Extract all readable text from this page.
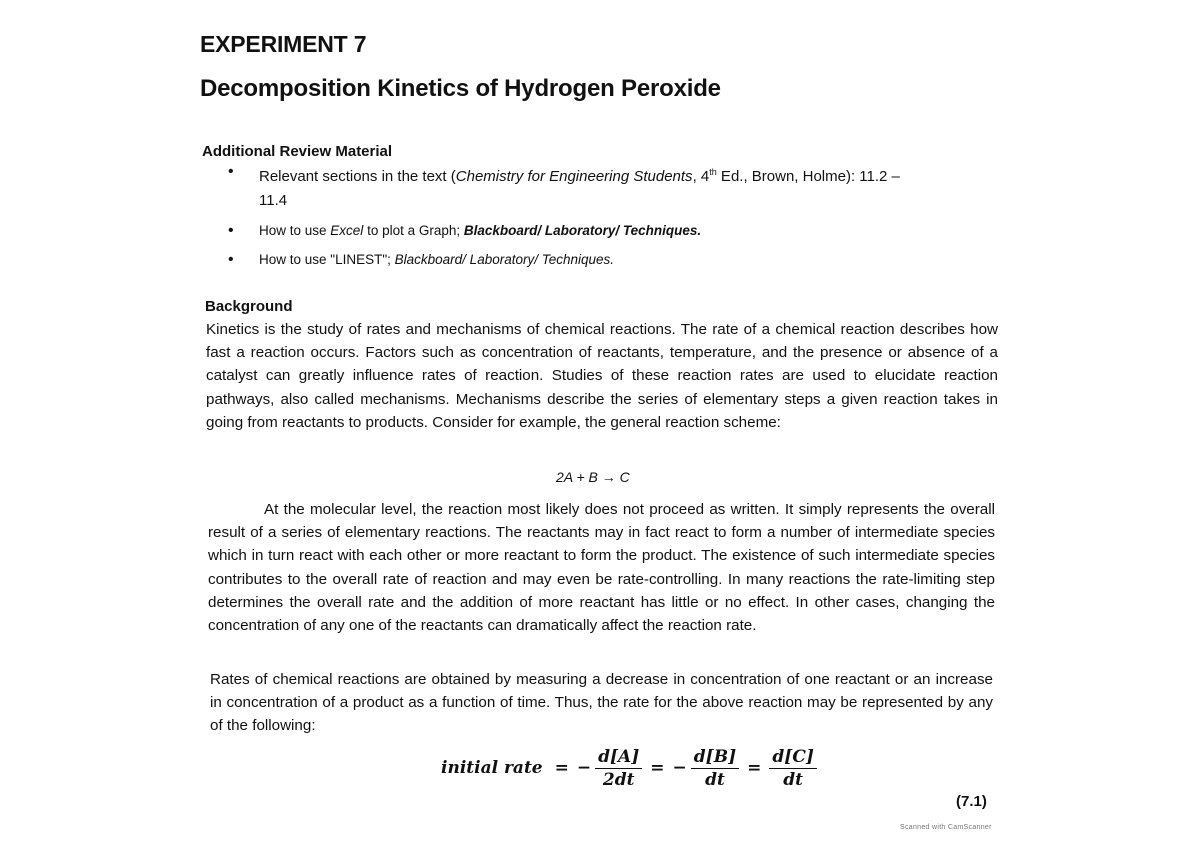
EXPERIMENT 7
Decomposition Kinetics of Hydrogen Peroxide
Additional Review Material
• Relevant sections in the text (Chemistry for Engineering Students, 4th Ed., Brown, Holme): 11.2 –
11.4
• How to use Excel to plot a Graph; Blackboard/ Laboratory/ Techniques.
• How to use "LINEST"; Blackboard/ Laboratory/ Techniques.
Background

Kinetics is the study of rates and mechanisms of chemical reactions. The rate of a chemical reaction describes how fast a reaction occurs. Factors such as concentration of reactants, temperature, and the presence or absence of a catalyst can greatly influence rates of reaction. Studies of these reaction rates are used to elucidate reaction pathways, also called mechanisms. Mechanisms describe the series of elementary steps a given reaction takes in going from reactants to products. Consider for example, the general reaction scheme:

2A + B → C

At the molecular level, the reaction most likely does not proceed as written. It simply represents the overall result of a series of elementary reactions. The reactants may in fact react to form a number of intermediate species which in turn react with each other or more reactant to form the product. The existence of such intermediate species contributes to the overall rate of reaction and may even be rate-controlling. In many reactions the rate-limiting step determines the overall rate and the addition of more reactant has little or no effect. In other cases, changing the concentration of any one of the reactants can dramatically affect the reaction rate.

Rates of chemical reactions are obtained by measuring a decrease in concentration of one reactant or an increase in concentration of a product as a function of time. Thus, the rate for the above reaction may be represented by any of the following:

initial rate = − $\frac{d[A]}{2dt}$ = − $\frac{d[B]}{dt} = \frac{d[C]}{dt}$
(7.1)
Scanned with CamScanner
